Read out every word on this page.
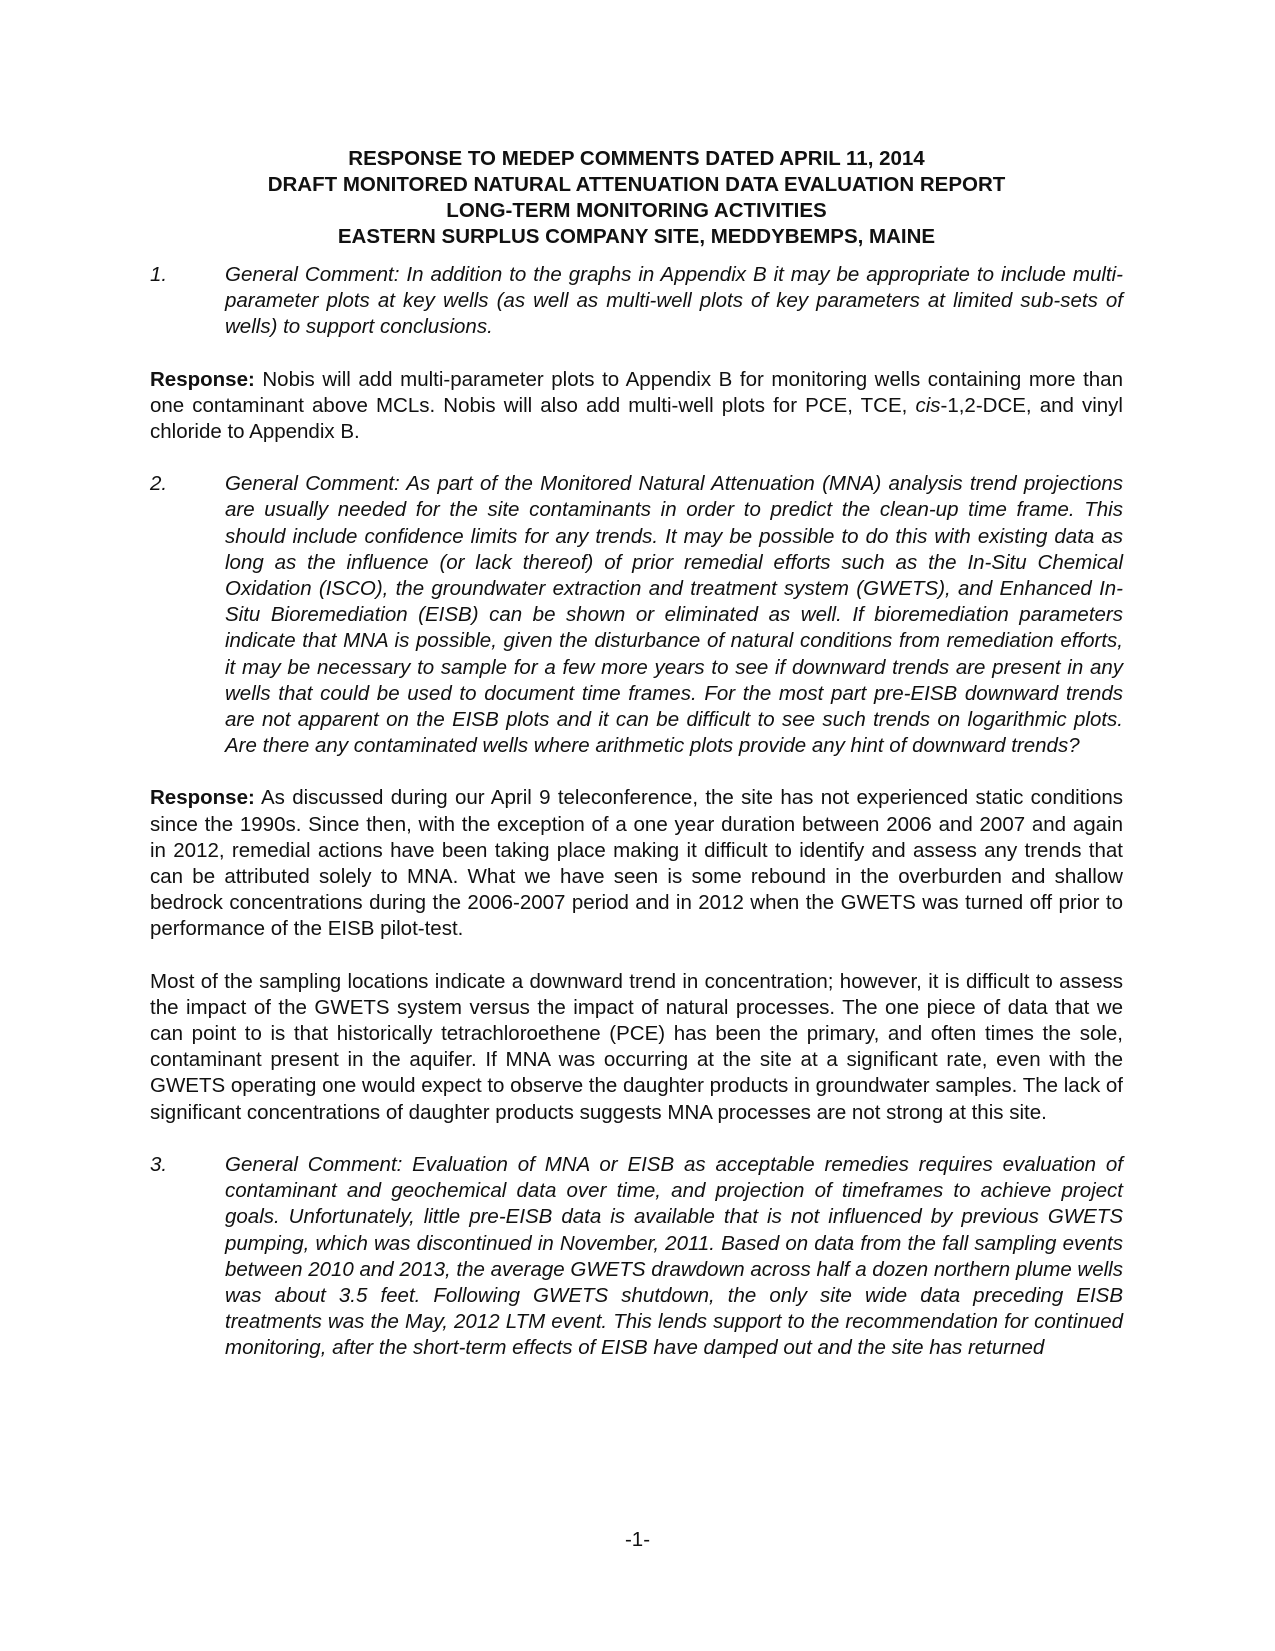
RESPONSE TO MEDEP COMMENTS DATED APRIL 11, 2014
DRAFT MONITORED NATURAL ATTENUATION DATA EVALUATION REPORT
LONG-TERM MONITORING ACTIVITIES
EASTERN SURPLUS COMPANY SITE, MEDDYBEMPS, MAINE
1.	General Comment: In addition to the graphs in Appendix B it may be appropriate to include multi-parameter plots at key wells (as well as multi-well plots of key parameters at limited sub-sets of wells) to support conclusions.

Response: Nobis will add multi-parameter plots to Appendix B for monitoring wells containing more than one contaminant above MCLs. Nobis will also add multi-well plots for PCE, TCE, cis-1,2-DCE, and vinyl chloride to Appendix B.

2.	General Comment: As part of the Monitored Natural Attenuation (MNA) analysis trend projections are usually needed for the site contaminants in order to predict the clean-up time frame. This should include confidence limits for any trends. It may be possible to do this with existing data as long as the influence (or lack thereof) of prior remedial efforts such as the In-Situ Chemical Oxidation (ISCO), the groundwater extraction and treatment system (GWETS), and Enhanced In-Situ Bioremediation (EISB) can be shown or eliminated as well. If bioremediation parameters indicate that MNA is possible, given the disturbance of natural conditions from remediation efforts, it may be necessary to sample for a few more years to see if downward trends are present in any wells that could be used to document time frames. For the most part pre-EISB downward trends are not apparent on the EISB plots and it can be difficult to see such trends on logarithmic plots. Are there any contaminated wells where arithmetic plots provide any hint of downward trends?

Response: As discussed during our April 9 teleconference, the site has not experienced static conditions since the 1990s. Since then, with the exception of a one year duration between 2006 and 2007 and again in 2012, remedial actions have been taking place making it difficult to identify and assess any trends that can be attributed solely to MNA. What we have seen is some rebound in the overburden and shallow bedrock concentrations during the 2006-2007 period and in 2012 when the GWETS was turned off prior to performance of the EISB pilot-test.

Most of the sampling locations indicate a downward trend in concentration; however, it is difficult to assess the impact of the GWETS system versus the impact of natural processes. The one piece of data that we can point to is that historically tetrachloroethene (PCE) has been the primary, and often times the sole, contaminant present in the aquifer. If MNA was occurring at the site at a significant rate, even with the GWETS operating one would expect to observe the daughter products in groundwater samples. The lack of significant concentrations of daughter products suggests MNA processes are not strong at this site.

3.	General Comment: Evaluation of MNA or EISB as acceptable remedies requires evaluation of contaminant and geochemical data over time, and projection of timeframes to achieve project goals. Unfortunately, little pre-EISB data is available that is not influenced by previous GWETS pumping, which was discontinued in November, 2011. Based on data from the fall sampling events between 2010 and 2013, the average GWETS drawdown across half a dozen northern plume wells was about 3.5 feet. Following GWETS shutdown, the only site wide data preceding EISB treatments was the May, 2012 LTM event. This lends support to the recommendation for continued monitoring, after the short-term effects of EISB have damped out and the site has returned
-1-
